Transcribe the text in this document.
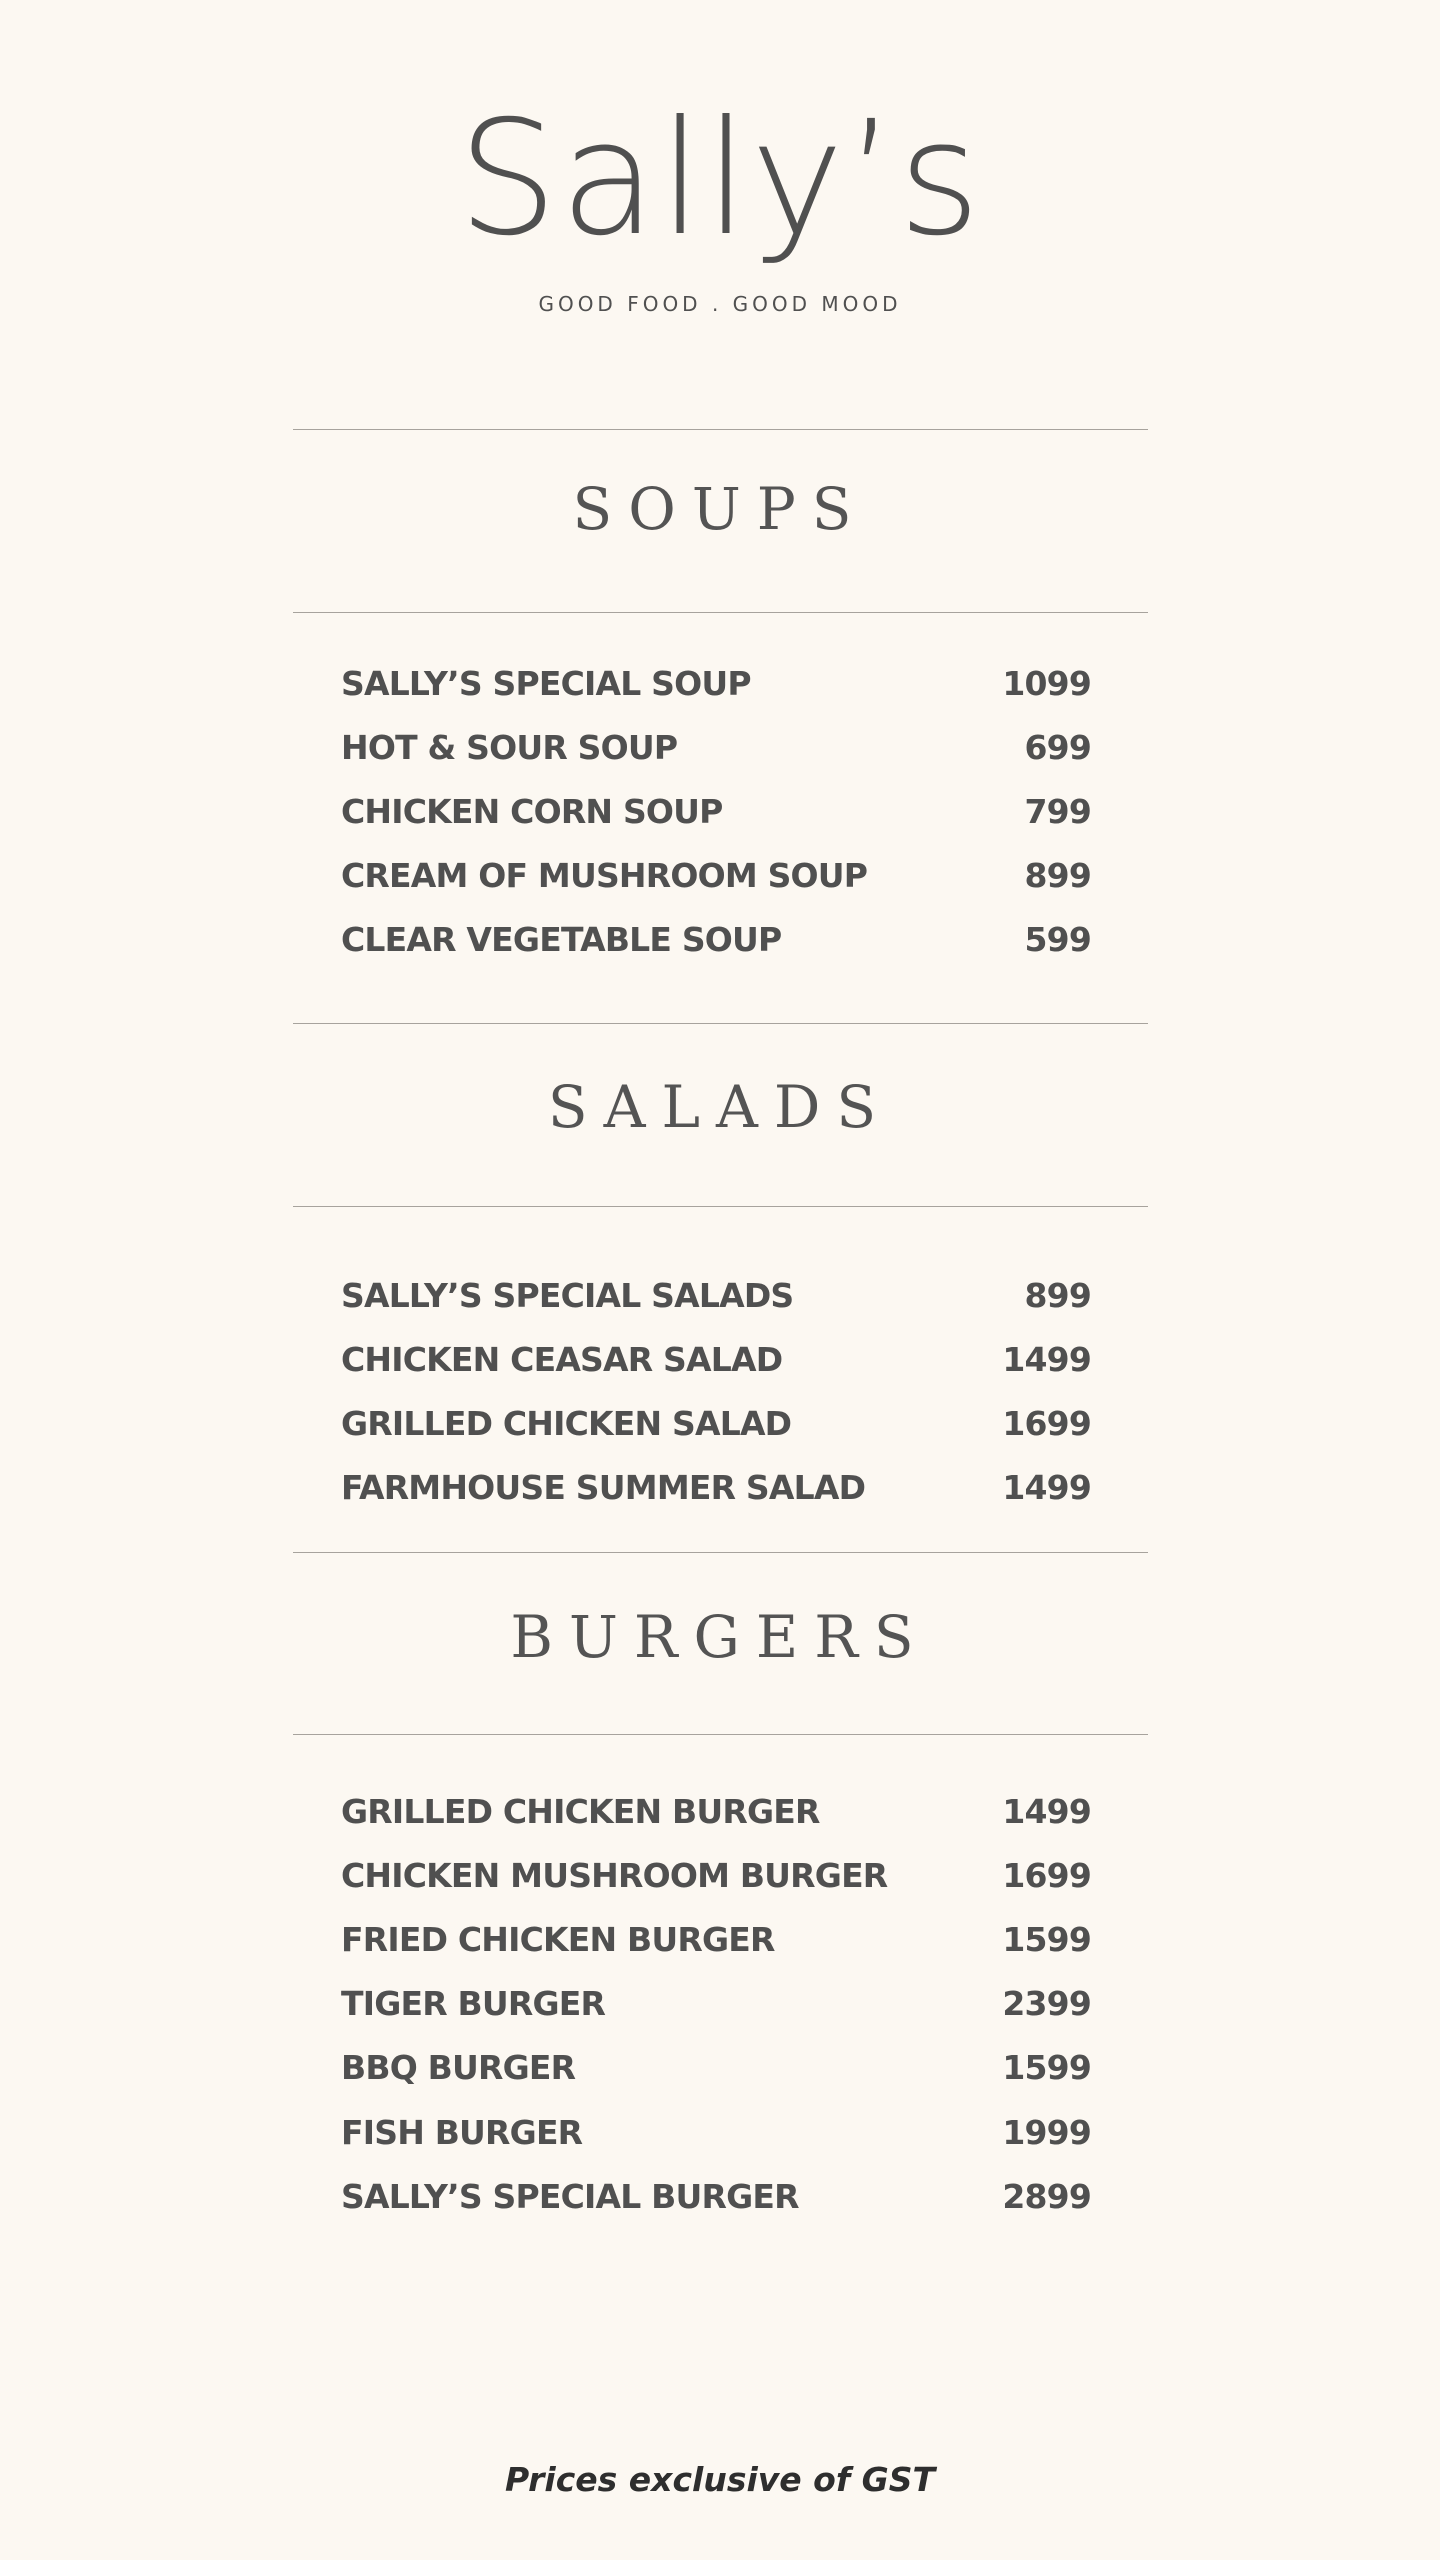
Sally’s
GOOD FOOD . GOOD MOOD
SOUPS
SALLY’S SPECIAL SOUP	1099
HOT & SOUR SOUP	699
CHICKEN CORN SOUP	799
CREAM OF MUSHROOM SOUP	899
CLEAR VEGETABLE SOUP	599
SALADS
SALLY’S SPECIAL SALADS	899
CHICKEN CEASAR SALAD	1499
GRILLED CHICKEN SALAD	1699
FARMHOUSE SUMMER SALAD	1499
BURGERS
GRILLED CHICKEN BURGER	1499
CHICKEN MUSHROOM BURGER	1699
FRIED CHICKEN BURGER	1599
TIGER BURGER	2399
BBQ BURGER	1599
FISH BURGER	1999
SALLY’S SPECIAL BURGER	2899
Prices exclusive of GST
